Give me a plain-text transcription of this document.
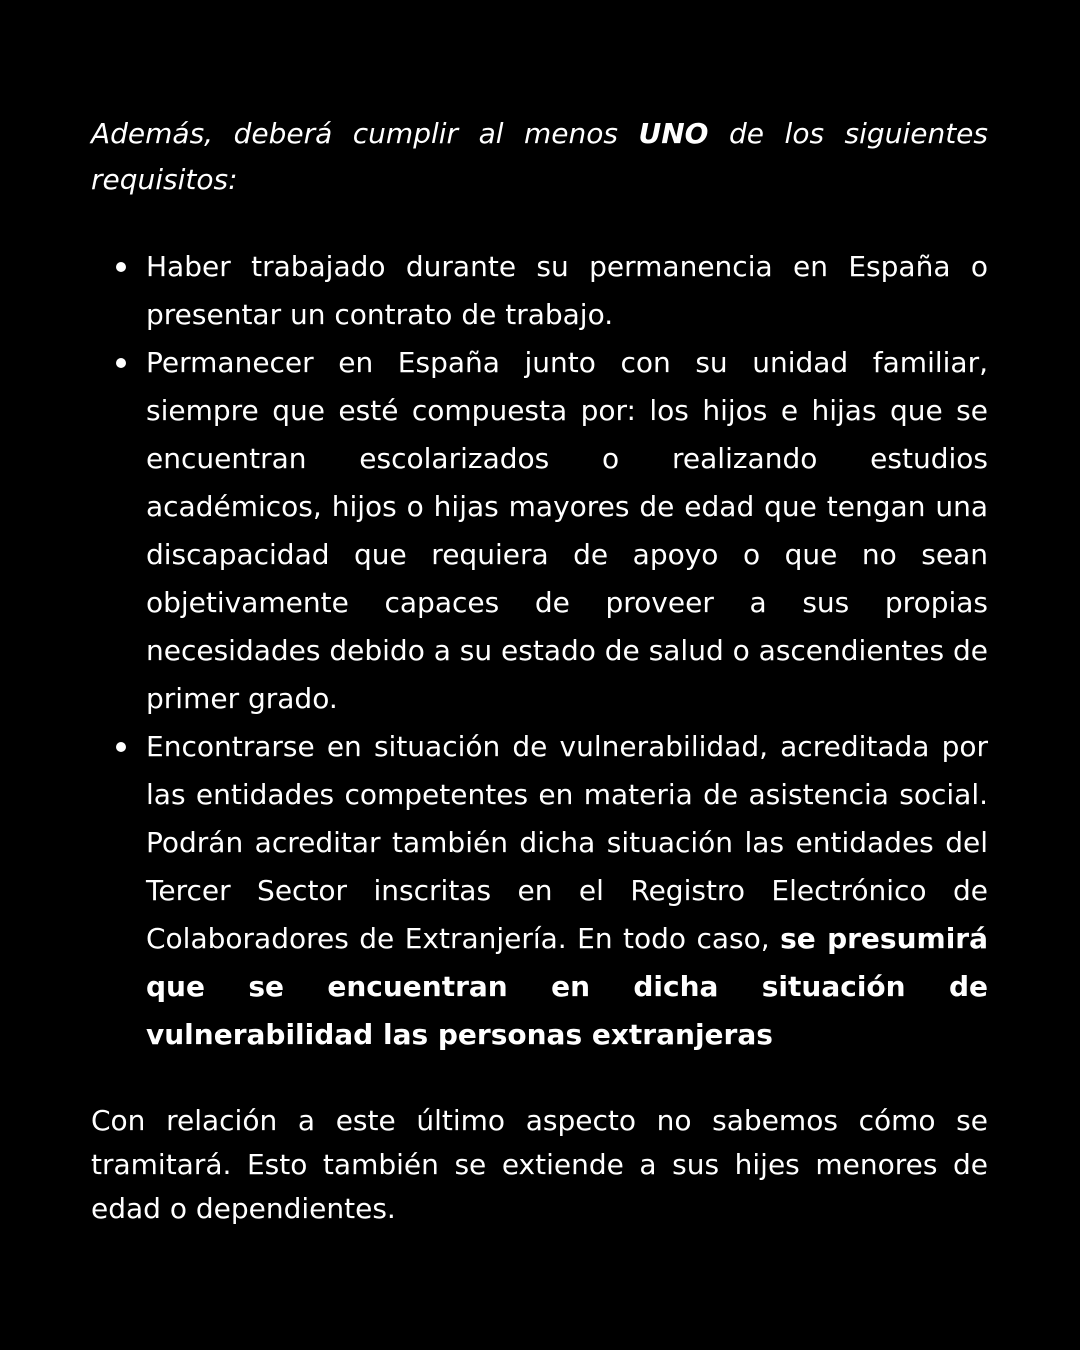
Además, deberá cumplir al menos UNO de los siguientes requisitos:

Haber trabajado durante su permanencia en España o presentar un contrato de trabajo.
Permanecer en España junto con su unidad familiar, siempre que esté compuesta por: los hijos e hijas que se encuentran escolarizados o realizando estudios académicos, hijos o hijas mayores de edad que tengan una discapacidad que requiera de apoyo o que no sean objetivamente capaces de proveer a sus propias necesidades debido a su estado de salud o ascendientes de primer grado.
Encontrarse en situación de vulnerabilidad, acreditada por las entidades competentes en materia de asistencia social. Podrán acreditar también dicha situación las entidades del Tercer Sector inscritas en el Registro Electrónico de Colaboradores de Extranjería. En todo caso, se presumirá que se encuentran en dicha situación de vulnerabilidad las personas extranjeras

Con relación a este último aspecto no sabemos cómo se tramitará. Esto también se extiende a sus hijes menores de edad o dependientes.
